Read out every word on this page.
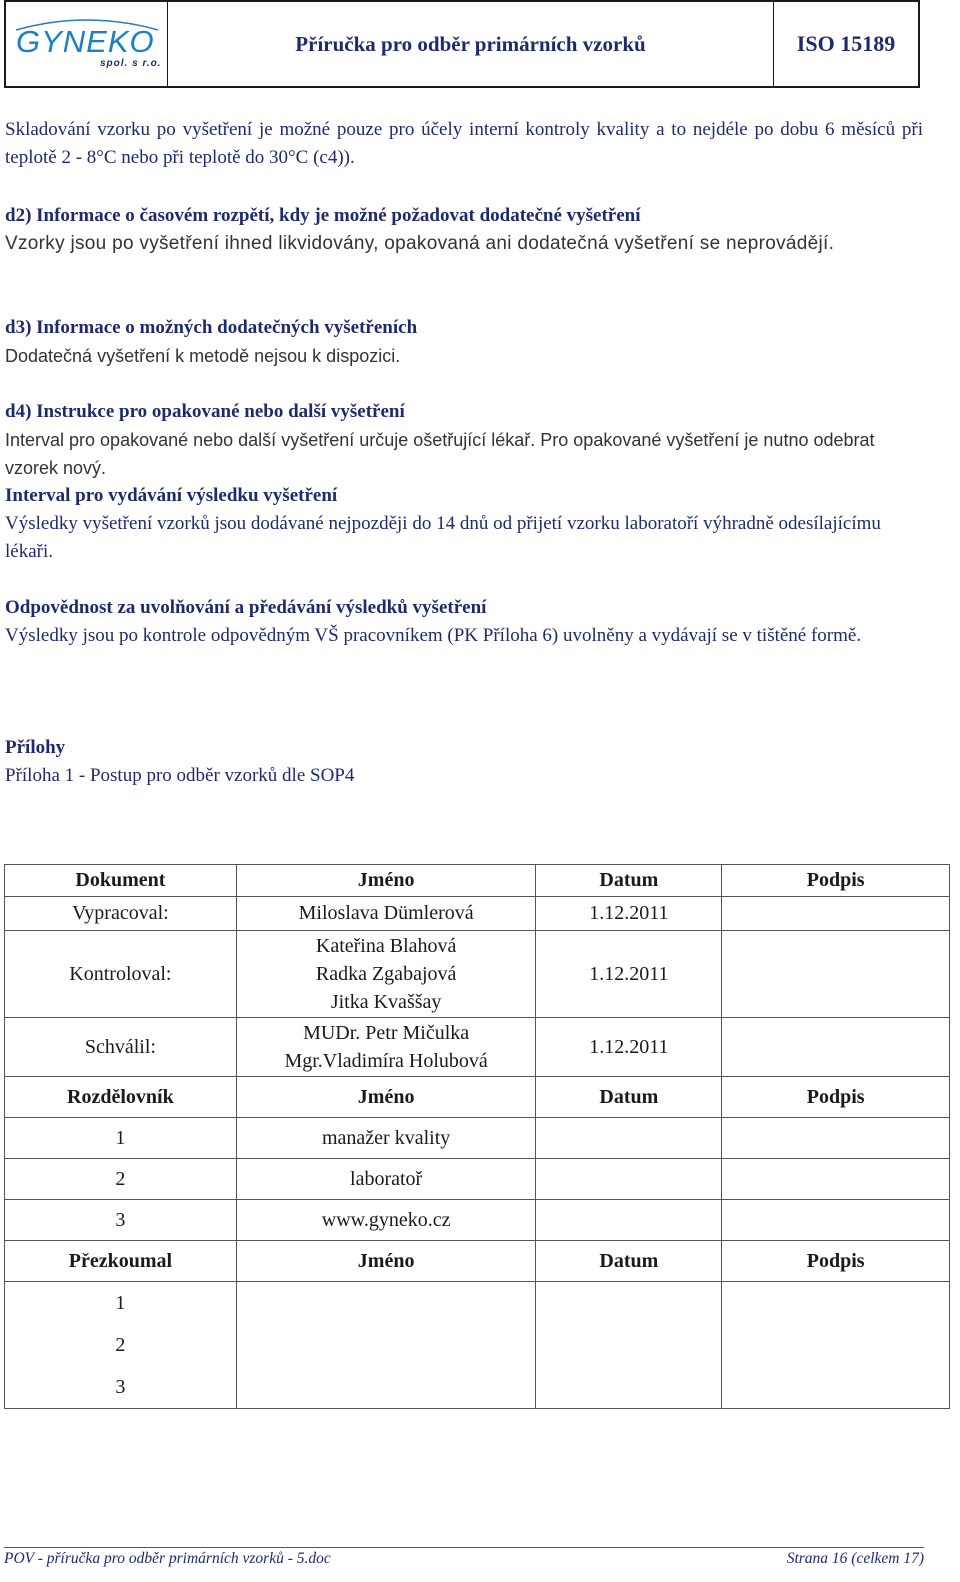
GYNEKO
spol. s r.o.
Příručka pro odběr primárních vzorků	ISO 15189

Skladování vzorku po vyšetření je možné pouze pro účely interní kontroly kvality a to nejdéle po dobu 6 měsíců při teplotě 2 - 8°C nebo při teplotě do 30°C (c4)).

d2) Informace o časovém rozpětí, kdy je možné požadovat dodatečné vyšetření

Vzorky jsou po vyšetření ihned likvidovány, opakovaná ani dodatečná vyšetření se neprovádějí.

d3) Informace o možných dodatečných vyšetřeních

Dodatečná vyšetření k metodě nejsou k dispozici.

d4) Instrukce pro opakované nebo další vyšetření

Interval pro opakované nebo další vyšetření určuje ošetřující lékař. Pro opakované vyšetření je nutno odebrat vzorek nový.

Interval pro vydávání výsledku vyšetření

Výsledky vyšetření vzorků jsou dodávané nejpozději do 14 dnů od přijetí vzorku laboratoří výhradně odesílajícímu lékaři.

Odpovědnost za uvolňování a předávání výsledků vyšetření

Výsledky jsou po kontrole odpovědným VŠ pracovníkem (PK Příloha 6) uvolněny a vydávají se v tištěné formě.

Přílohy

Příloha 1 - Postup pro odběr vzorků dle SOP4

Dokument	Jméno	Datum	Podpis
Vypracoval:	Miloslava Dümlerová	1.12.2011	
Kontroloval:	Kateřina Blahová
Radka Zgabajová
Jitka Kvaššay	1.12.2011	
Schválil:	MUDr. Petr Mičulka
Mgr.Vladimíra Holubová	1.12.2011	
Rozdělovník	Jméno	Datum	Podpis
1	manažer kvality		
2	laboratoř		
3	www.gyneko.cz		
Přezkoumal	Jméno	Datum	Podpis

1
2
3			

POV - příručka pro odběr primárních vzorků - 5.doc	Strana 16 (celkem 17)
